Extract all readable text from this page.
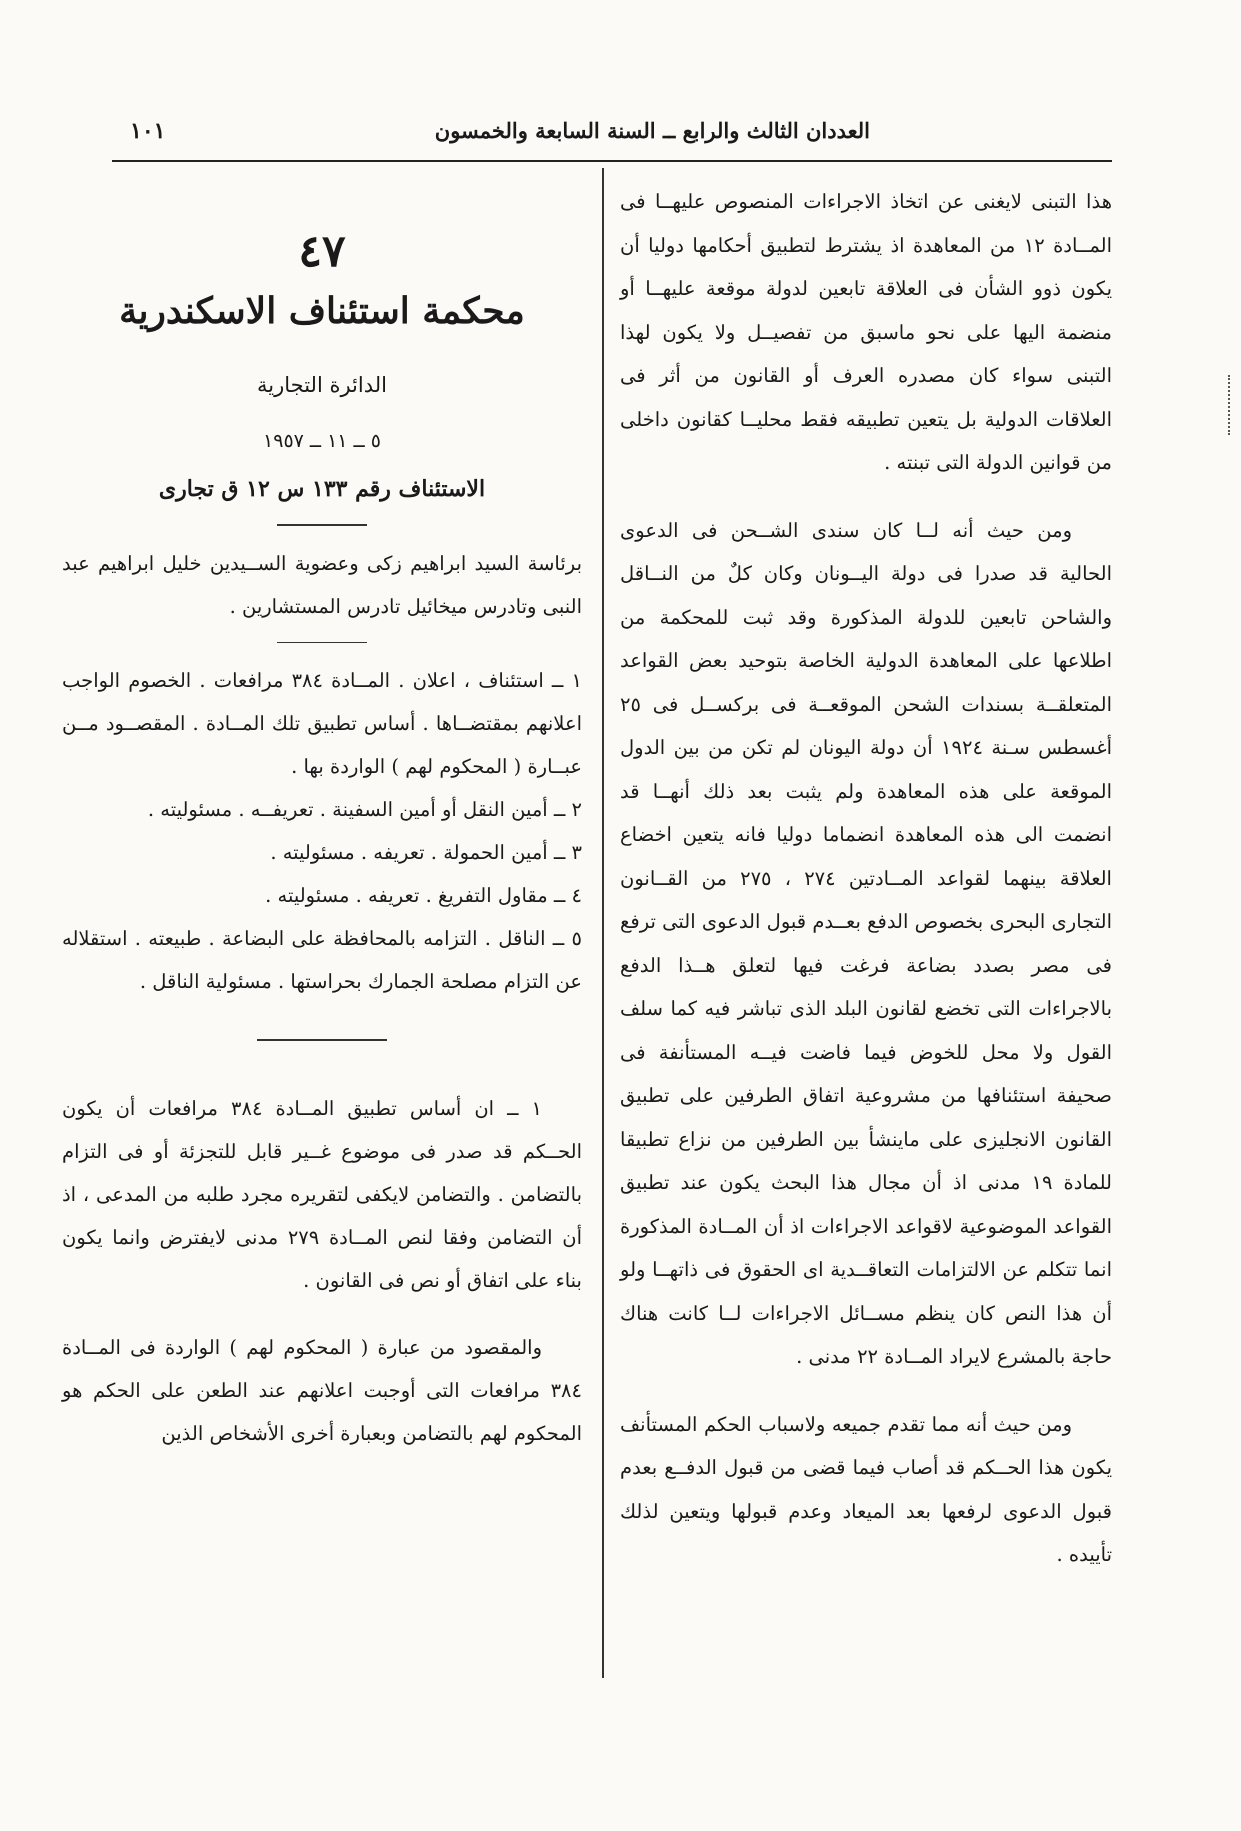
العددان الثالث والرابع ــ السنة السابعة والخمسون
١٠١

هذا التبنى لايغنى عن اتخاذ الاجراءات المنصوص عليهــا فى المــادة ١٢ من المعاهدة اذ يشترط لتطبيق أحكامها دوليا أن يكون ذوو الشأن فى العلاقة تابعين لدولة موقعة عليهــا أو منضمة اليها على نحو ماسبق من تفصيــل ولا يكون لهذا التبنى سواء كان مصدره العرف أو القانون من أثر فى العلاقات الدولية بل يتعين تطبيقه فقط محليــا كقانون داخلى من قوانين الدولة التى تبنته .

ومن حيث أنه لــا كان سندى الشــحن فى الدعوى الحالية قد صدرا فى دولة اليــونان وكان كلٌ من النــاقل والشاحن تابعين للدولة المذكورة وقد ثبت للمحكمة من اطلاعها على المعاهدة الدولية الخاصة بتوحيد بعض القواعد المتعلقــة بسندات الشحن الموقعــة فى بركســل فى ٢٥ أغسطس سـنة ١٩٢٤ أن دولة اليونان لم تكن من بين الدول الموقعة على هذه المعاهدة ولم يثبت بعد ذلك أنهــا قد انضمت الى هذه المعاهدة انضماما دوليا فانه يتعين اخضاع العلاقة بينهما لقواعد المــادتين ٢٧٤ ، ٢٧٥ من القــانون التجارى البحرى بخصوص الدفع بعــدم قبول الدعوى التى ترفع فى مصر بصدد بضاعة فرغت فيها لتعلق هــذا الدفع بالاجراءات التى تخضع لقانون البلد الذى تباشر فيه كما سلف القول ولا محل للخوض فيما فاضت فيــه المستأنفة فى صحيفة استئنافها من مشروعية اتفاق الطرفين على تطبيق القانون الانجليزى على ماينشأ بين الطرفين من نزاع تطبيقا للمادة ١٩ مدنى اذ أن مجال هذا البحث يكون عند تطبيق القواعد الموضوعية لاقواعد الاجراءات اذ أن المــادة المذكورة انما تتكلم عن الالتزامات التعاقــدية اى الحقوق فى ذاتهــا ولو أن هذا النص كان ينظم مســائل الاجراءات لــا كانت هناك حاجة بالمشرع لايراد المــادة ٢٢ مدنى .

ومن حيث أنه مما تقدم جميعه ولاسباب الحكم المستأنف يكون هذا الحــكم قد أصاب فيما قضى من قبول الدفــع بعدم قبول الدعوى لرفعها بعد الميعاد وعدم قبولها ويتعين لذلك تأييده .

٤٧
محكمة استئناف الاسكندرية
الدائرة التجارية
٥ ــ ١١ ــ ١٩٥٧
الاستئناف رقم ١٣٣ س ١٢ ق تجارى

برئاسة السيد ابراهيم زكى وعضوية الســيدين خليل ابراهيم عبد النبى وتادرس ميخائيل تادرس المستشارين .

١ ــ استئناف ، اعلان . المــادة ٣٨٤ مرافعات . الخصوم الواجب اعلانهم بمقتضــاها . أساس تطبيق تلك المــادة . المقصــود مــن عبــارة ( المحكوم لهم ) الواردة بها .

٢ ــ أمين النقل أو أمين السفينة . تعريفــه . مسئوليته .

٣ ــ أمين الحمولة . تعريفه . مسئوليته .

٤ ــ مقاول التفريغ . تعريفه . مسئوليته .

٥ ــ الناقل . التزامه بالمحافظة على البضاعة . طبيعته . استقلاله عن التزام مصلحة الجمارك بحراستها . مسئولية الناقل .

١ ــ ان أساس تطبيق المــادة ٣٨٤ مرافعات أن يكون الحــكم قد صدر فى موضوع غــير قابل للتجزئة أو فى التزام بالتضامن . والتضامن لايكفى لتقريره مجرد طلبه من المدعى ، اذ أن التضامن وفقا لنص المــادة ٢٧٩ مدنى لايفترض وانما يكون بناء على اتفاق أو نص فى القانون .

والمقصود من عبارة ( المحكوم لهم ) الواردة فى المــادة ٣٨٤ مرافعات التى أوجبت اعلانهم عند الطعن على الحكم هو المحكوم لهم بالتضامن وبعبارة أخرى الأشخاص الذين
